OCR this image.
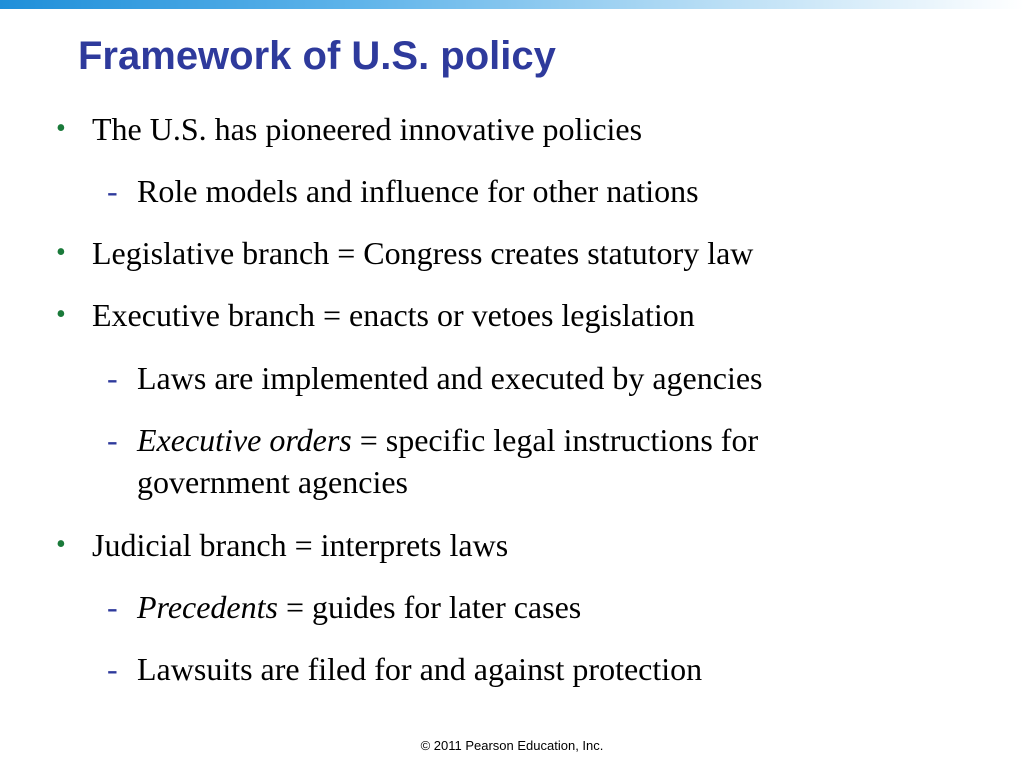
Framework of U.S. policy
• The U.S. has pioneered innovative policies
- Role models and influence for other nations
• Legislative branch = Congress creates statutory law
• Executive branch = enacts or vetoes legislation
- Laws are implemented and executed by agencies
- Executive orders = specific legal instructions for
government agencies
• Judicial branch = interprets laws
- Precedents = guides for later cases
- Lawsuits are filed for and against protection
© 2011 Pearson Education, Inc.
